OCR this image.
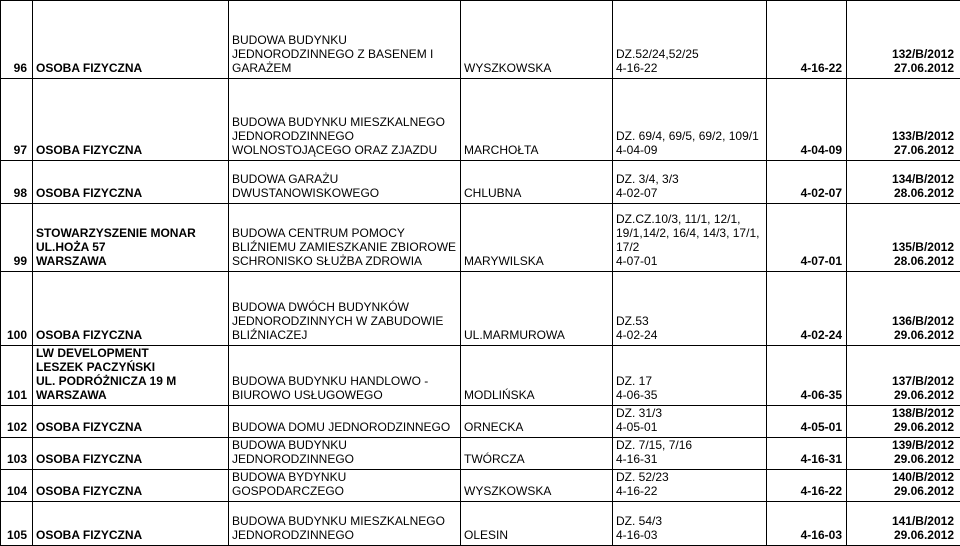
96	OSOBA FIZYCZNA	BUDOWA BUDYNKU
JEDNORODZINNEGO Z BASENEM I
GARAŻEM	WYSZKOWSKA	DZ.52/24,52/25
4-16-22	4-16-22	132/B/2012
27.06.2012

97	OSOBA FIZYCZNA	BUDOWA BUDYNKU MIESZKALNEGO
JEDNORODZINNEGO
WOLNOSTOJĄCEGO ORAZ ZJAZDU	MARCHOŁTA	DZ. 69/4, 69/5, 69/2, 109/1
4-04-09	4-04-09	133/B/2012
27.06.2012

98	OSOBA FIZYCZNA	BUDOWA GARAŻU
DWUSTANOWISKOWEGO	CHLUBNA	DZ. 3/4, 3/3
4-02-07	4-02-07	134/B/2012
28.06.2012

99	STOWARZYSZENIE MONAR
UL.HOŻA 57
WARSZAWA	BUDOWA CENTRUM POMOCY
BLIŹNIEMU ZAMIESZKANIE ZBIOROWE
SCHRONISKO SŁUŻBA ZDROWIA	MARYWILSKA	DZ.CZ.10/3, 11/1, 12/1,
19/1,14/2, 16/4, 14/3, 17/1,
17/2
4-07-01	4-07-01	135/B/2012
28.06.2012

100	OSOBA FIZYCZNA	BUDOWA DWÓCH BUDYNKÓW
JEDNORODZINNYCH W ZABUDOWIE
BLIŹNIACZEJ	UL.MARMUROWA	DZ.53
4-02-24	4-02-24	136/B/2012
29.06.2012

101	LW DEVELOPMENT
LESZEK PACZYŃSKI
UL. PODRÓŻNICZA 19 M
WARSZAWA	BUDOWA BUDYNKU HANDLOWO -
BIUROWO USŁUGOWEGO	MODLIŃSKA	DZ. 17
4-06-35	4-06-35	137/B/2012
29.06.2012

102	OSOBA FIZYCZNA	BUDOWA DOMU JEDNORODZINNEGO	ORNECKA	DZ. 31/3
4-05-01	4-05-01	138/B/2012
29.06.2012

103	OSOBA FIZYCZNA	BUDOWA BUDYNKU
JEDNORODZINNEGO	TWÓRCZA	DZ. 7/15, 7/16
4-16-31	4-16-31	139/B/2012
29.06.2012

104	OSOBA FIZYCZNA	BUDOWA BYDYNKU
GOSPODARCZEGO	WYSZKOWSKA	DZ. 52/23
4-16-22	4-16-22	140/B/2012
29.06.2012

105	OSOBA FIZYCZNA	BUDOWA BUDYNKU MIESZKALNEGO
JEDNORODZINNEGO	OLESIN	DZ. 54/3
4-16-03	4-16-03	141/B/2012
29.06.2012
